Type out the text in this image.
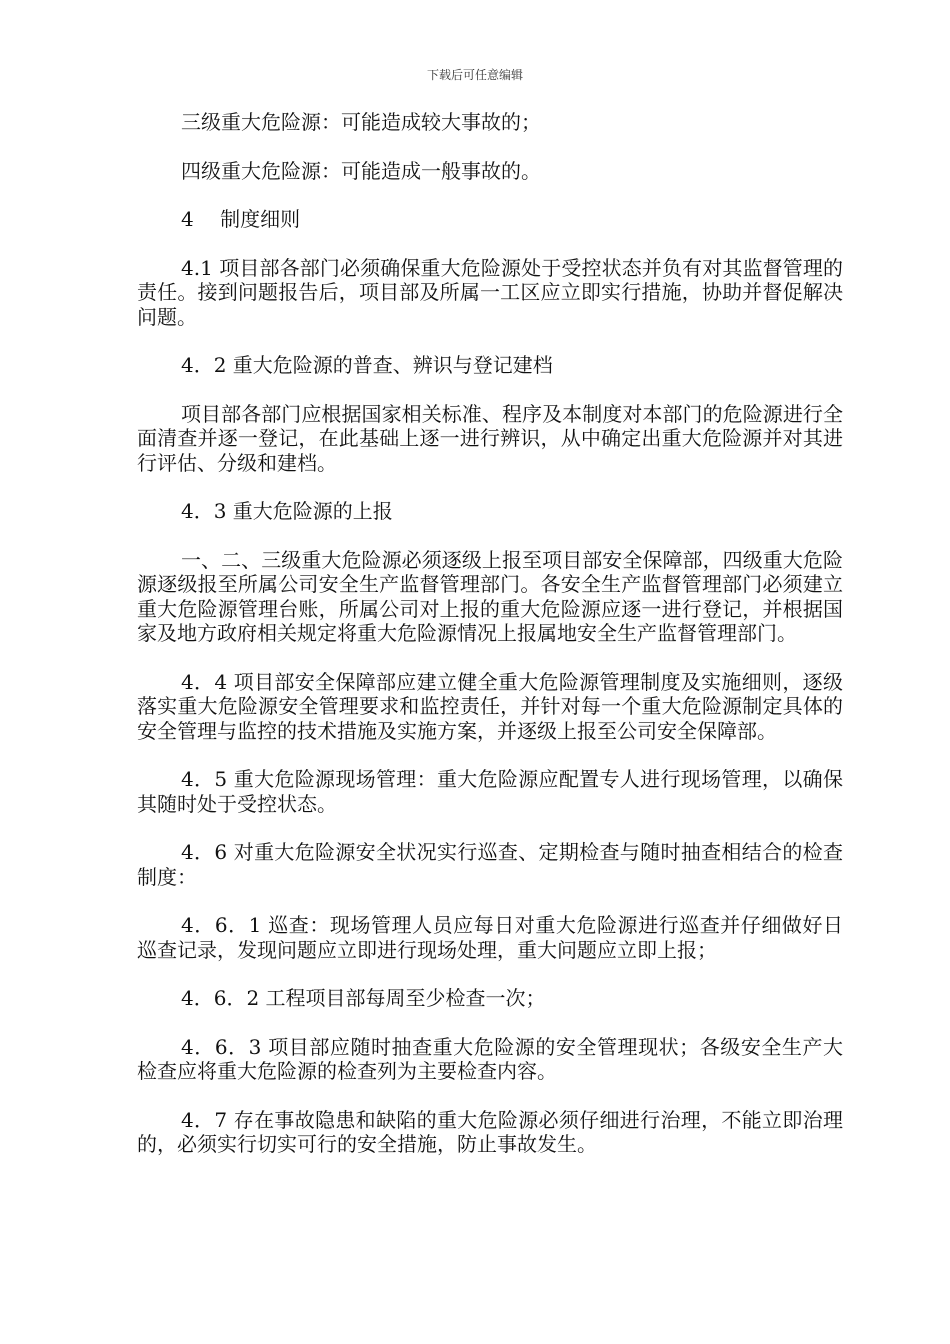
下载后可任意编辑

三级重大危险源：可能造成较大事故的；

四级重大危险源：可能造成一般事故的。

4　 制度细则

4.1 项目部各部门必须确保重大危险源处于受控状态并负有对其监督管理的责任。接到问题报告后，项目部及所属一工区应立即实行措施，协助并督促解决问题。

4．2 重大危险源的普查、辨识与登记建档

项目部各部门应根据国家相关标准、程序及本制度对本部门的危险源进行全面清查并逐一登记，在此基础上逐一进行辨识，从中确定出重大危险源并对其进行评估、分级和建档。

4．3 重大危险源的上报

一、二、三级重大危险源必须逐级上报至项目部安全保障部，四级重大危险源逐级报至所属公司安全生产监督管理部门。各安全生产监督管理部门必须建立重大危险源管理台账，所属公司对上报的重大危险源应逐一进行登记，并根据国家及地方政府相关规定将重大危险源情况上报属地安全生产监督管理部门。

4．4 项目部安全保障部应建立健全重大危险源管理制度及实施细则，逐级落实重大危险源安全管理要求和监控责任，并针对每一个重大危险源制定具体的安全管理与监控的技术措施及实施方案，并逐级上报至公司安全保障部。

4．5 重大危险源现场管理：重大危险源应配置专人进行现场管理，以确保其随时处于受控状态。

4．6 对重大危险源安全状况实行巡查、定期检查与随时抽查相结合的检查制度：

4．6．1 巡查：现场管理人员应每日对重大危险源进行巡查并仔细做好日巡查记录，发现问题应立即进行现场处理，重大问题应立即上报；

4．6．2 工程项目部每周至少检查一次；

4．6．3 项目部应随时抽查重大危险源的安全管理现状；各级安全生产大检查应将重大危险源的检查列为主要检查内容。

4．7 存在事故隐患和缺陷的重大危险源必须仔细进行治理，不能立即治理的，必须实行切实可行的安全措施，防止事故发生。
